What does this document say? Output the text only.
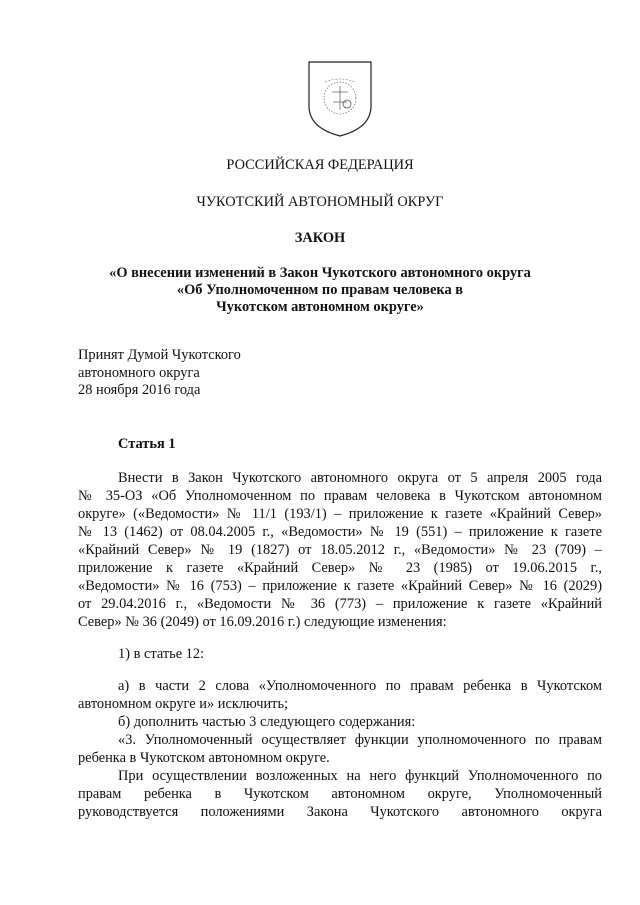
РОССИЙСКАЯ ФЕДЕРАЦИЯ
ЧУКОТСКИЙ АВТОНОМНЫЙ ОКРУГ
ЗАКОН
«О внесении изменений в Закон Чукотского автономного округа
«Об Уполномоченном по правам человека в
Чукотском автономном округе»
Принят Думой Чукотского
автономного округа
28 ноября 2016 года
Статья 1
Внести в Закон Чукотского автономного округа от 5 апреля 2005 года
№ 35-ОЗ «Об Уполномоченном по правам человека в Чукотском автономном
округе» («Ведомости» № 11/1 (193/1) – приложение к газете «Крайний Север»
№ 13 (1462) от 08.04.2005 г., «Ведомости» № 19 (551) – приложение к газете
«Крайний Север» № 19 (1827) от 18.05.2012 г., «Ведомости» № 23 (709) –
приложение к газете «Крайний Север» № 23 (1985) от 19.06.2015 г.,
«Ведомости» № 16 (753) – приложение к газете «Крайний Север» № 16 (2029)
от 29.04.2016 г., «Ведомости № 36 (773) – приложение к газете «Крайний
Север» № 36 (2049) от 16.09.2016 г.) следующие изменения:
1) в статье 12:
а) в части 2 слова «Уполномоченного по правам ребенка в Чукотском
автономном округе и» исключить;
б) дополнить частью 3 следующего содержания:
«3. Уполномоченный осуществляет функции уполномоченного по правам
ребенка в Чукотском автономном округе.
При осуществлении возложенных на него функций Уполномоченного по
правам ребенка в Чукотском автономном округе, Уполномоченный
руководствуется положениями Закона Чукотского автономного округа
